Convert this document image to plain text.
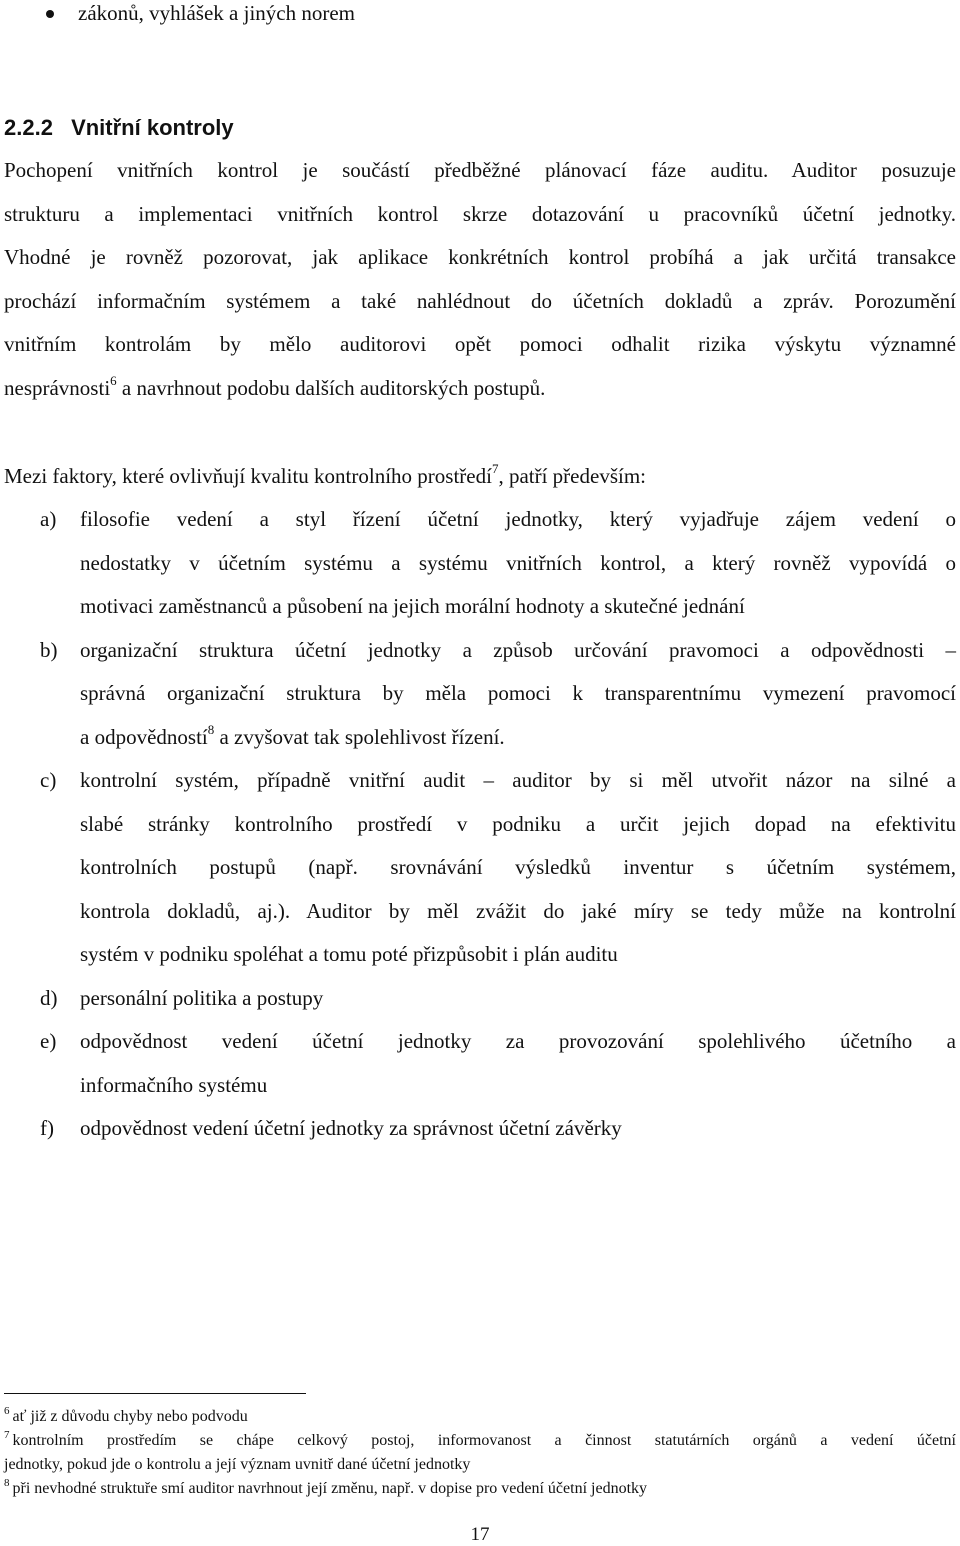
zákonů, vyhlášek a jiných norem
2.2.2 Vnitřní kontroly
Pochopení vnitřních kontrol je součástí předběžné plánovací fáze auditu. Auditor posuzuje
strukturu a implementaci vnitřních kontrol skrze dotazování u pracovníků účetní jednotky.
Vhodné je rovněž pozorovat, jak aplikace konkrétních kontrol probíhá a jak určitá transakce
prochází informačním systémem a také nahlédnout do účetních dokladů a zpráv. Porozumění
vnitřním kontrolám by mělo auditorovi opět pomoci odhalit rizika výskytu významné
nesprávnosti$^6$ a navrhnout podobu dalších auditorských postupů.
Mezi faktory, které ovlivňují kvalitu kontrolního prostředí$^7$, patří především:
a) filosofie vedení a styl řízení účetní jednotky, který vyjadřuje zájem vedení o
nedostatky v účetním systému a systému vnitřních kontrol, a který rovněž vypovídá o
motivaci zaměstnanců a působení na jejich morální hodnoty a skutečné jednání
b) organizační struktura účetní jednotky a způsob určování pravomoci a odpovědnosti –
správná organizační struktura by měla pomoci k transparentnímu vymezení pravomocí
a odpovědností$^8$ a zvyšovat tak spolehlivost řízení.
c) kontrolní systém, případně vnitřní audit – auditor by si měl utvořit názor na silné a
slabé stránky kontrolního prostředí v podniku a určit jejich dopad na efektivitu
kontrolních postupů (např. srovnávání výsledků inventur s účetním systémem,
kontrola dokladů, aj.). Auditor by měl zvážit do jaké míry se tedy může na kontrolní
systém v podniku spoléhat a tomu poté přizpůsobit i plán auditu
d) personální politika a postupy
e) odpovědnost vedení účetní jednotky za provozování spolehlivého účetního a
informačního systému
f) odpovědnost vedení účetní jednotky za správnost účetní závěrky
$^6$ ať již z důvodu chyby nebo podvodu
$^7$ kontrolním prostředím se chápe celkový postoj, informovanost a činnost statutárních orgánů a vedení účetní
jednotky, pokud jde o kontrolu a její význam uvnitř dané účetní jednotky
$^8$ při nevhodné struktuře smí auditor navrhnout její změnu, např. v dopise pro vedení účetní jednotky
17
